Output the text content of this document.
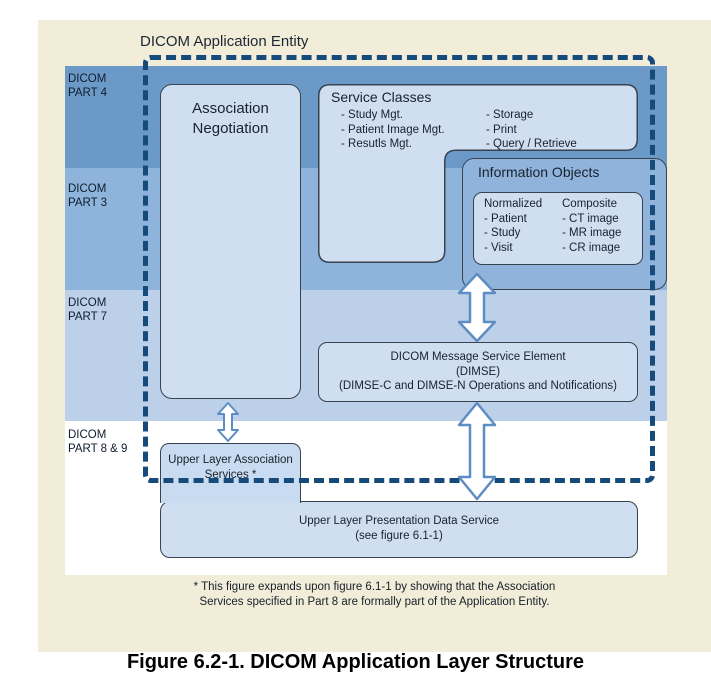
DICOM Application Entity
DICOM
PART 4
DICOM
PART 3
DICOM
PART 7
DICOM
PART 8 & 9
Association
Negotiation
Service Classes
- Study Mgt.
- Patient Image Mgt.
- Resutls Mgt.
- Storage
- Print
- Query / Retrieve
Information Objects
Normalized
- Patient
- Study
- Visit
Composite
- CT image
- MR image
- CR image
DICOM Message Service Element
(DIMSE)
(DIMSE-C and DIMSE-N Operations and Notifications)
Upper Layer Association
Services *
Upper Layer Presentation Data Service
(see figure 6.1-1)
* This figure expands upon figure 6.1-1 by showing that the Association
Services specified in Part 8 are formally part of the Application Entity.
Figure 6.2-1. DICOM Application Layer Structure
